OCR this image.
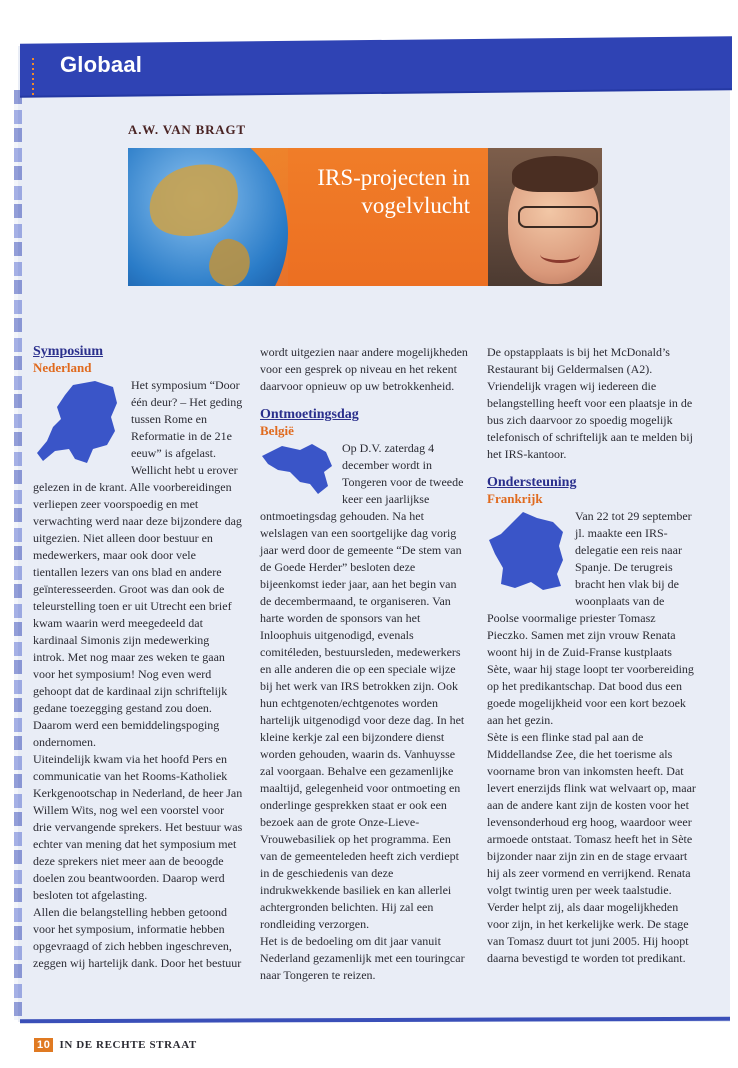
Globaal
A.W. VAN BRAGT
IRS-projecten in
vogelvlucht
Symposium
Nederland

Het symposium “Door één deur? – Het geding tussen Rome en Reformatie in de 21e eeuw” is afgelast. Wellicht hebt u erover gelezen in de krant. Alle voorbereidingen verliepen zeer voorspoedig en met verwachting werd naar deze bijzondere dag uitgezien. Niet alleen door bestuur en medewerkers, maar ook door vele tientallen lezers van ons blad en andere geïnteresseerden. Groot was dan ook de teleurstelling toen er uit Utrecht een brief kwam waarin werd meegedeeld dat kardinaal Simonis zijn medewerking introk. Met nog maar zes weken te gaan voor het symposium! Nog even werd gehoopt dat de kardinaal zijn schriftelijk gedane toezegging gestand zou doen. Daarom werd een bemiddelingspoging ondernomen.

Uiteindelijk kwam via het hoofd Pers en communicatie van het Rooms-Katholiek Kerkgenootschap in Nederland, de heer Jan Willem Wits, nog wel een voorstel voor drie vervangende sprekers. Het bestuur was echter van mening dat het symposium met deze sprekers niet meer aan de beoogde doelen zou beantwoorden. Daarop werd besloten tot afgelasting.

Allen die belangstelling hebben getoond voor het symposium, informatie hebben opgevraagd of zich hebben ingeschreven, zeggen wij hartelijk dank. Door het bestuur

wordt uitgezien naar andere mogelijkheden voor een gesprek op niveau en het rekent daarvoor opnieuw op uw betrokkenheid.

Ontmoetingsdag
België

Op D.V. zaterdag 4 december wordt in Tongeren voor de tweede keer een jaarlijkse ontmoetingsdag gehouden. Na het welslagen van een soortgelijke dag vorig jaar werd door de gemeente “De stem van de Goede Herder” besloten deze bijeenkomst ieder jaar, aan het begin van de decembermaand, te organiseren. Van harte worden de sponsors van het Inloophuis uitgenodigd, evenals comitéleden, bestuursleden, medewerkers en alle anderen die op een speciale wijze bij het werk van IRS betrokken zijn. Ook hun echtgenoten/echtgenotes worden hartelijk uitgenodigd voor deze dag. In het kleine kerkje zal een bijzondere dienst worden gehouden, waarin ds. Vanhuysse zal voorgaan. Behalve een gezamenlijke maaltijd, gelegenheid voor ontmoeting en onderlinge gesprekken staat er ook een bezoek aan de grote Onze-Lieve-Vrouwebasiliek op het programma. Een van de gemeenteleden heeft zich verdiept in de geschiedenis van deze indrukwekkende basiliek en kan allerlei achtergronden belichten. Hij zal een rondleiding verzorgen.

Het is de bedoeling om dit jaar vanuit Nederland gezamenlijk met een touringcar naar Tongeren te reizen.

De opstapplaats is bij het McDonald’s Restaurant bij Geldermalsen (A2). Vriendelijk vragen wij iedereen die belangstelling heeft voor een plaatsje in de bus zich daarvoor zo spoedig mogelijk telefonisch of schriftelijk aan te melden bij het IRS-kantoor.

Ondersteuning
Frankrijk

Van 22 tot 29 september jl. maakte een IRS-delegatie een reis naar Spanje. De terugreis bracht hen vlak bij de woonplaats van de Poolse voormalige priester Tomasz Pieczko. Samen met zijn vrouw Renata woont hij in de Zuid-Franse kustplaats Sète, waar hij stage loopt ter voorbereiding op het predikantschap. Dat bood dus een goede mogelijkheid voor een kort bezoek aan het gezin.

Sète is een flinke stad pal aan de Middellandse Zee, die het toerisme als voorname bron van inkomsten heeft. Dat levert enerzijds flink wat welvaart op, maar aan de andere kant zijn de kosten voor het levensonderhoud erg hoog, waardoor weer armoede ontstaat. Tomasz heeft het in Sète bijzonder naar zijn zin en de stage ervaart hij als zeer vormend en verrijkend. Renata volgt twintig uren per week taalstudie. Verder helpt zij, als daar mogelijkheden voor zijn, in het kerkelijke werk. De stage van Tomasz duurt tot juni 2005. Hij hoopt daarna bevestigd te worden tot predikant.

10 IN DE RECHTE STRAAT
